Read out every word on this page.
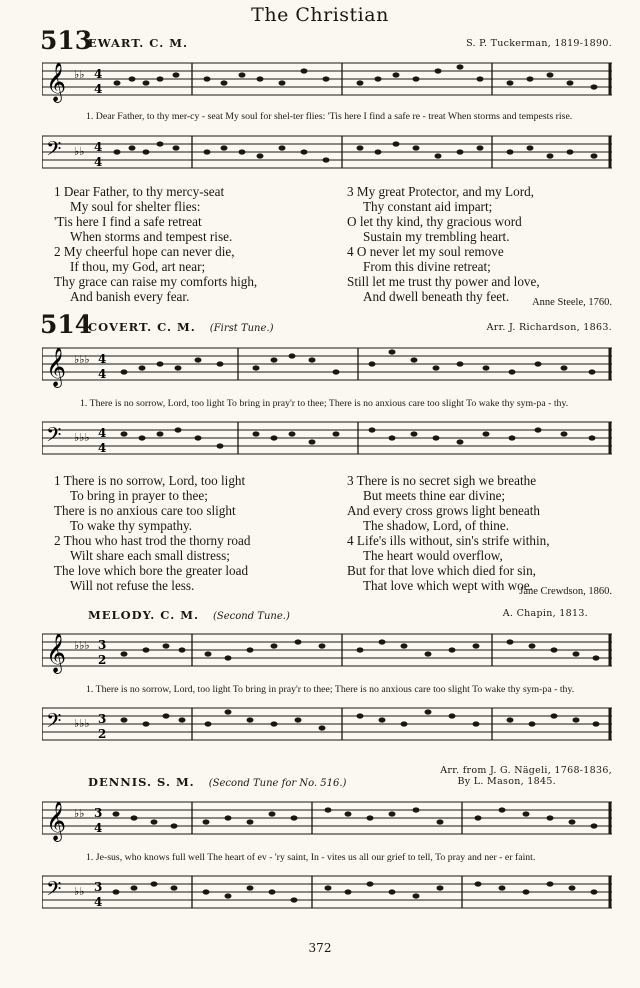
The Christian
513
EWART. C. M.	S. P. Tuckerman, 1819-1890.
𝄞 ♭♭ 4
4
1. Dear Father, to thy mer-cy - seat My soul for shel-ter flies: 'Tis here I find a safe re - treat When storms and tempests rise.
𝄢 ♭♭ 4
4
1 Dear Father, to thy mercy-seat
My soul for shelter flies:
'Tis here I find a safe retreat
When storms and tempest rise.
2 My cheerful hope can never die,
If thou, my God, art near;
Thy grace can raise my comforts high,
And banish every fear.
3 My great Protector, and my Lord,
Thy constant aid impart;
O let thy kind, thy gracious word
Sustain my trembling heart.
4 O never let my soul remove
From this divine retreat;
Still let me trust thy power and love,
And dwell beneath thy feet.	Anne Steele, 1760.
514
COVERT. C. M. (First Tune.)	Arr. J. Richardson, 1863.
𝄞 ♭♭♭ 4
4
1. There is no sorrow, Lord, too light To bring in pray'r to thee; There is no anxious care too slight To wake thy sym-pa - thy.
𝄢 ♭♭♭ 4
4
1 There is no sorrow, Lord, too light
To bring in prayer to thee;
There is no anxious care too slight
To wake thy sympathy.
2 Thou who hast trod the thorny road
Wilt share each small distress;
The love which bore the greater load
Will not refuse the less.
3 There is no secret sigh we breathe
But meets thine ear divine;
And every cross grows light beneath
The shadow, Lord, of thine.
4 Life's ills without, sin's strife within,
The heart would overflow,
But for that love which died for sin,
That love which wept with woe.
Jane Crewdson, 1860.
MELODY. C. M. (Second Tune.)	A. Chapin, 1813.
𝄞 ♭♭♭ 3
2
1. There is no sorrow, Lord, too light To bring in pray'r to thee; There is no anxious care too slight To wake thy sym-pa - thy.
𝄢 ♭♭♭ 3
2
DENNIS. S. M. (Second Tune for No. 516.)
Arr. from J. G. Nägeli, 1768-1836,
By L. Mason, 1845.
𝄞 ♭♭ 3
4
1. Je-sus, who knows full well The heart of ev - 'ry saint, In - vites us all our grief to tell, To pray and ner - er faint.
𝄢 ♭♭ 3
4
372
